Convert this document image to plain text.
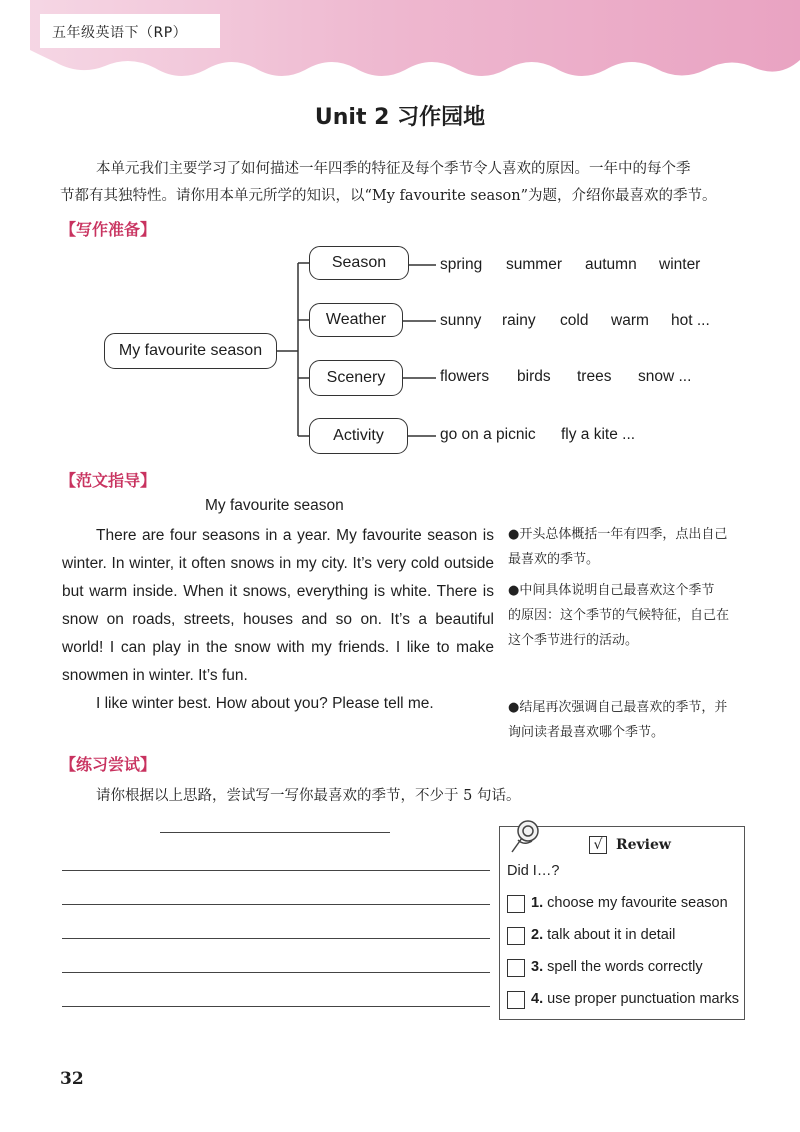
五年级英语下（RP）
Unit 2 习作园地

本单元我们主要学习了如何描述一年四季的特征及每个季节令人喜欢的原因。一年中的每个季

节都有其独特性。请你用本单元所学的知识，以“My favourite season”为题，介绍你最喜欢的季节。

【写作准备】
My favourite season
Season
Weather
Scenery
Activity
spring summer autumn winter
sunny rainy cold warm hot ...
flowers birds trees snow ...
go on a picnic fly a kite ...
【范文指导】
My favourite season

There are four seasons in a year. My favourite season is winter. In winter, it often snows in my city. It’s very cold outside but warm inside. When it snows, everything is white. There is snow on roads, streets, houses and so on. It’s a beautiful world! I can play in the snow with my friends. I like to make snowmen in winter. It’s fun.

I like winter best. How about you? Please tell me.

●开头总体概括一年有四季，点出自己
最喜欢的季节。
●中间具体说明自己最喜欢这个季节
的原因：这个季节的气候特征，自己在
这个季节进行的活动。
●结尾再次强调自己最喜欢的季节，并
询问读者最喜欢哪个季节。
【练习尝试】
请你根据以上思路，尝试写一写你最喜欢的季节，不少于 5 句话。
√ Review
Did I…?
1. choose my favourite season
2. talk about it in detail
3. spell the words correctly
4. use proper punctuation marks
32
